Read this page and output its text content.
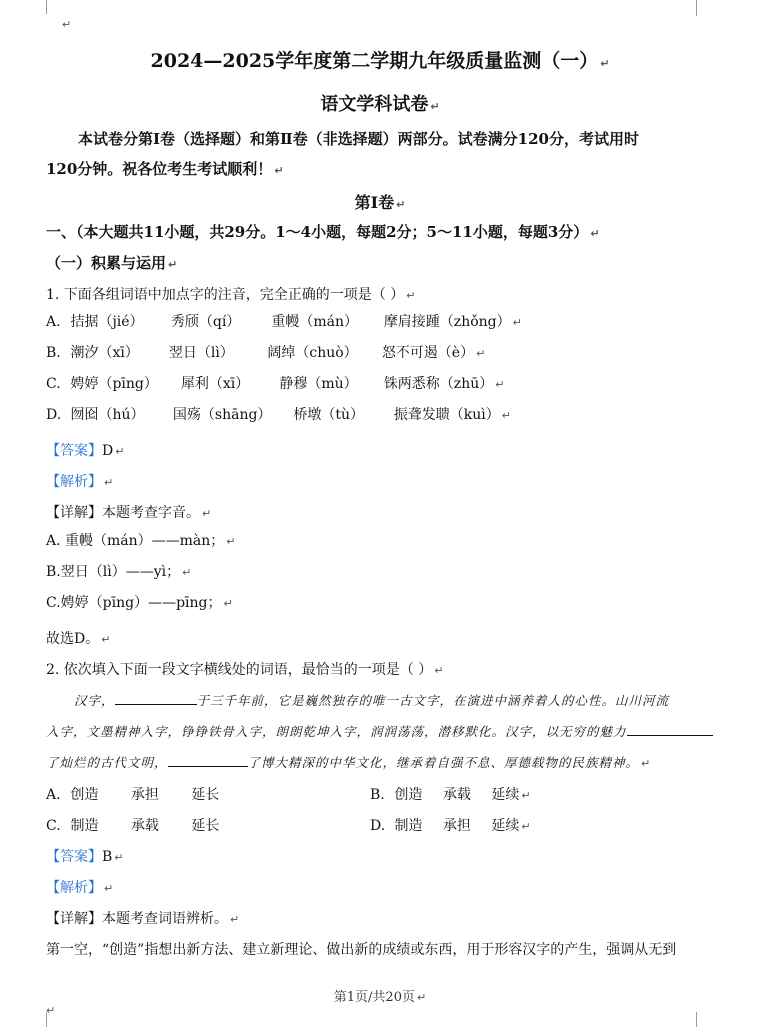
↵
2024—2025学年度第二学期九年级质量监测（一） ↵
语文学科试卷 ↵
本试卷分第Ⅰ卷（选择题）和第Ⅱ卷（非选择题）两部分。试卷满分120分，考试用时
120分钟。祝各位考生考试顺利！ ↵
第Ⅰ卷 ↵
一、（本大题共11小题，共29分。1～4小题，每题2分；5～11小题，每题3分） ↵
（一）积累与运用 ↵
1. 下面各组词语中加点字的注音，完全正确的一项是（ ） ↵
A. 拮据（jié） 秀颀（qí） 重幔（mán） 摩肩接踵（zhǒng） ↵
B. 潮汐（xī） 翌日（lì） 阔绰（chuò） 怒不可遏（è） ↵
C. 娉婷（pīng） 犀利（xī） 静穆（mù） 铢两悉称（zhū） ↵
D. 囫囵（hú） 国殇（shāng） 桥墩（tù） 振聋发聩（kuì） ↵
【答案】D ↵
【解析】 ↵
【详解】本题考查字音。 ↵
A. 重幔（mán）——màn； ↵
B.翌日（lì）——yì； ↵
C.娉婷（pīng）——pīng； ↵
故选D。 ↵
2. 依次填入下面一段文字横线处的词语，最恰当的一项是（ ） ↵
汉字，	于三千年前，它是巍然独存的唯一古文字，在演进中涵养着人的心性。山川河流
入字，文墨精神入字，铮铮铁骨入字，朗朗乾坤入字，润润荡荡，潜移默化。汉字，以无穷的魅力
了灿烂的古代文明，	了博大精深的中华文化，继承着自强不息、厚德载物的民族精神。 ↵
A. 创造 承担 延长	B. 创造 承载 延续 ↵
C. 制造 承载 延长	D. 制造 承担 延续 ↵
【答案】B ↵
【解析】 ↵
【详解】本题考查词语辨析。 ↵
第一空，“创造”指想出新方法、建立新理论、做出新的成绩或东西，用于形容汉字的产生，强调从无到
第1页/共20页 ↵
↵
